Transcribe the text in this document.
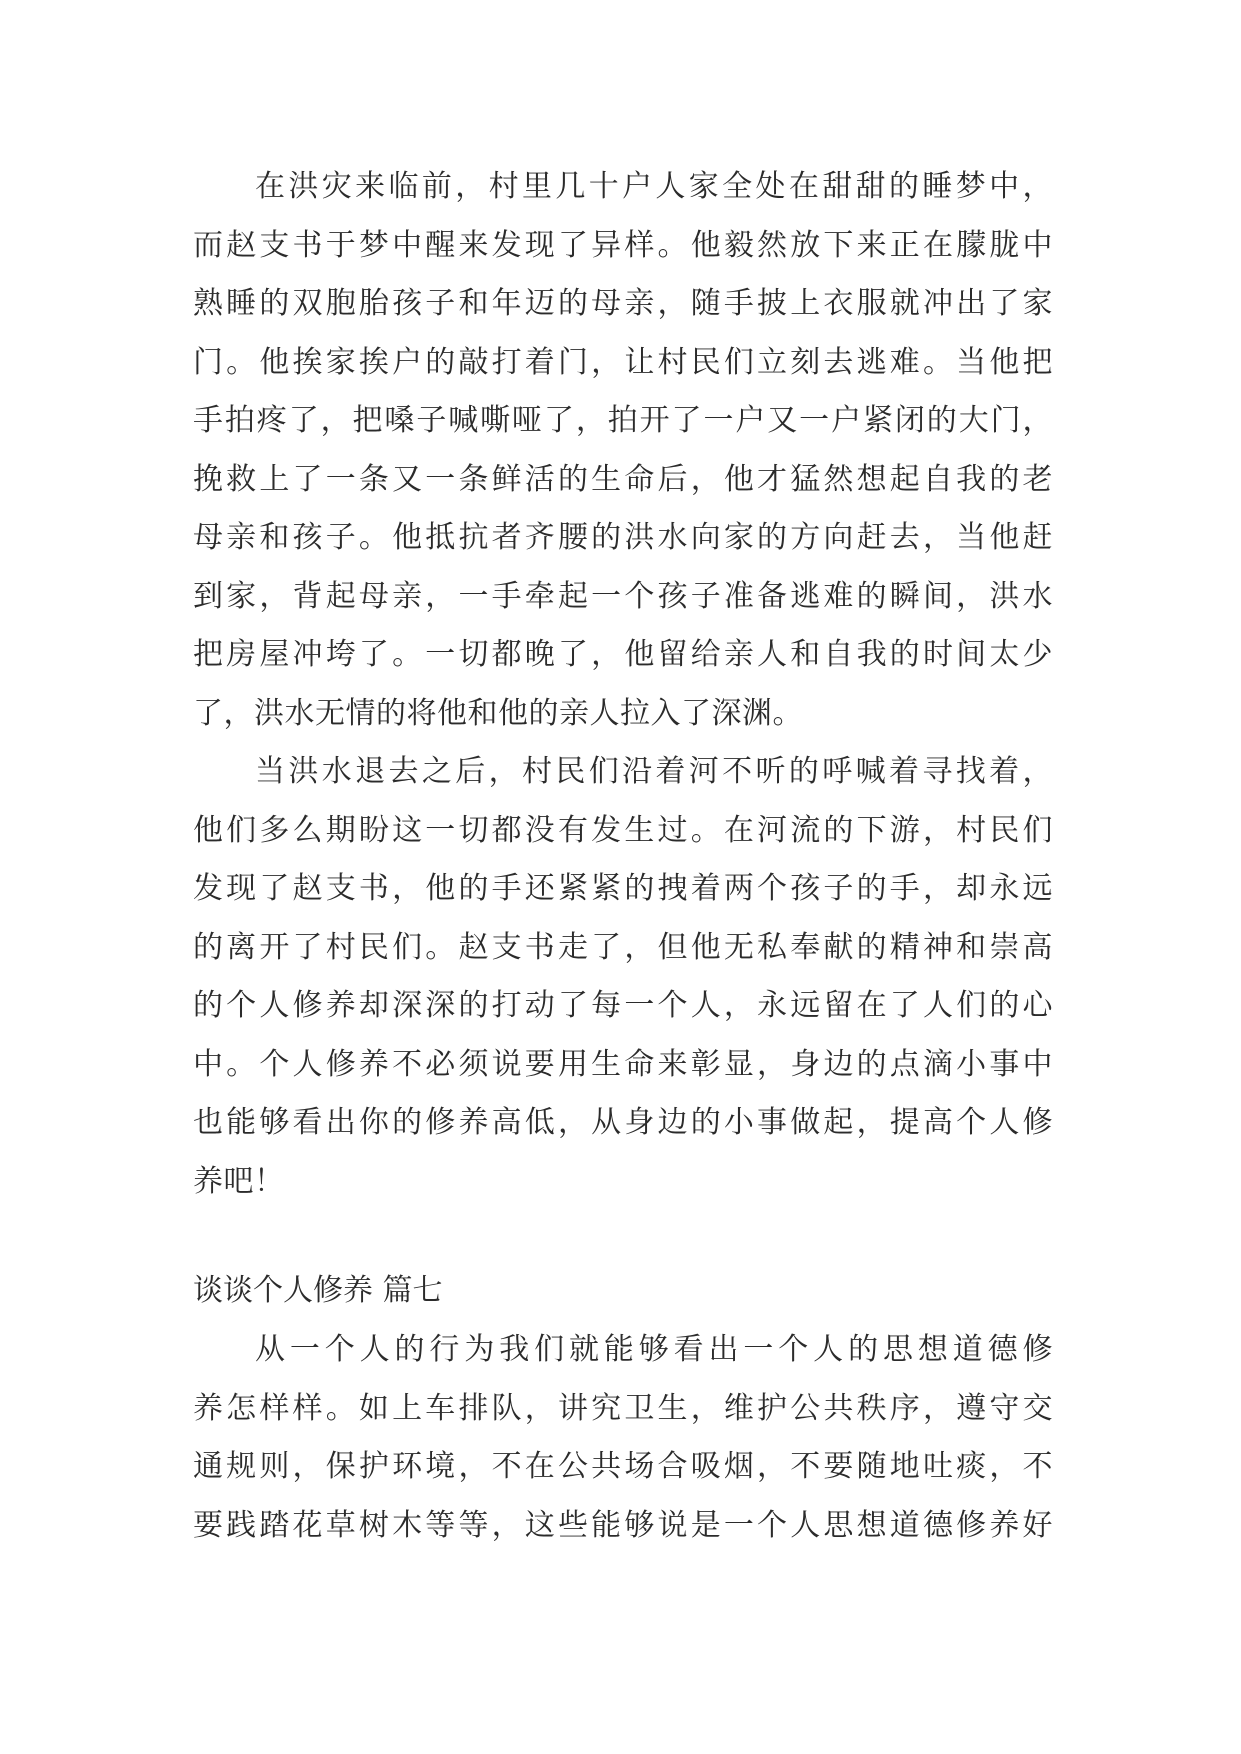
在洪灾来临前，村里几十户人家全处在甜甜的睡梦中，
而赵支书于梦中醒来发现了异样。他毅然放下来正在朦胧中
熟睡的双胞胎孩子和年迈的母亲，随手披上衣服就冲出了家
门。他挨家挨户的敲打着门，让村民们立刻去逃难。当他把
手拍疼了，把嗓子喊嘶哑了，拍开了一户又一户紧闭的大门，
挽救上了一条又一条鲜活的生命后，他才猛然想起自我的老
母亲和孩子。他抵抗者齐腰的洪水向家的方向赶去，当他赶
到家，背起母亲，一手牵起一个孩子准备逃难的瞬间，洪水
把房屋冲垮了。一切都晚了，他留给亲人和自我的时间太少
了，洪水无情的将他和他的亲人拉入了深渊。
当洪水退去之后，村民们沿着河不听的呼喊着寻找着，
他们多么期盼这一切都没有发生过。在河流的下游，村民们
发现了赵支书，他的手还紧紧的拽着两个孩子的手，却永远
的离开了村民们。赵支书走了，但他无私奉献的精神和崇高
的个人修养却深深的打动了每一个人，永远留在了人们的心
中。个人修养不必须说要用生命来彰显，身边的点滴小事中
也能够看出你的修养高低，从身边的小事做起，提高个人修
养吧！
谈谈个人修养 篇七
从一个人的行为我们就能够看出一个人的思想道德修
养怎样样。如上车排队，讲究卫生，维护公共秩序，遵守交
通规则，保护环境，不在公共场合吸烟，不要随地吐痰，不
要践踏花草树木等等，这些能够说是一个人思想道德修养好
